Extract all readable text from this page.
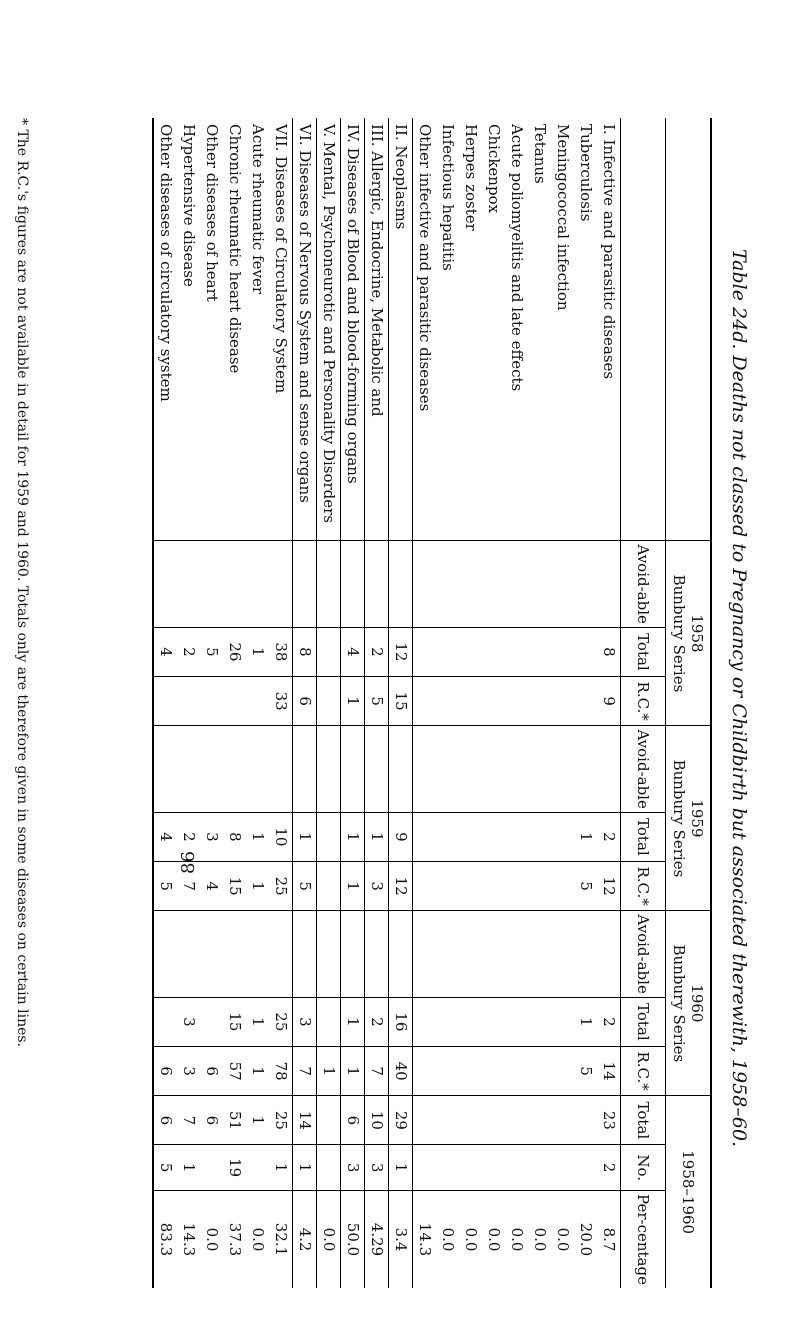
Table 24d. Deaths not classed to Pregnancy or Childbirth but associated therewith, 1958–60.
	1958
Bunbury Series			1959
Bunbury Series			1960
Bunbury Series			1958–1960		
	Avoid-able	Total	R.C.*	Avoid-able	Total	R.C.*	Avoid-able	Total	R.C.*	Total	No.	Per-centage
I. Infective and parasitic diseases		8	9		2	12		2	14	23	2	8.7
Tuberculosis					1	5		1	5			20.0
Meningococcal infection												0.0
Tetanus												0.0
Acute poliomyelitis and late effects												0.0
Chickenpox												0.0
Herpes zoster												0.0
Infectious hepatitis												0.0
Other infective and parasitic diseases												14.3
II. Neoplasms		12	15		9	12		16	40	29	1	3.4
III. Allergic, Endocrine, Metabolic and		2	5		1	3		2	7	10	3	4.29
IV. Diseases of Blood and blood-forming organs		4	1		1	1		1	1	6	3	50.0
V. Mental, Psychoneurotic and Personality Disorders									1			0.0
VI. Diseases of Nervous System and sense organs		8	6		1	5		3	7	14	1	4.2
VII. Diseases of Circulatory System		38	33		10	25		25	78	25	1	32.1
Acute rheumatic fever		1			1	1		1	1	1		0.0
Chronic rheumatic heart disease		26			8	15		15	57	51	19	37.3
Other diseases of heart		5			3	4			6	6		0.0
Hypertensive disease		2			2	7		3	3	7	1	14.3
Other diseases of circulatory system		4			4	5			6	6	5	83.3
* The R.C.'s figures are not available in detail for 1959 and 1960. Totals only are therefore given in some diseases on certain lines.	86
